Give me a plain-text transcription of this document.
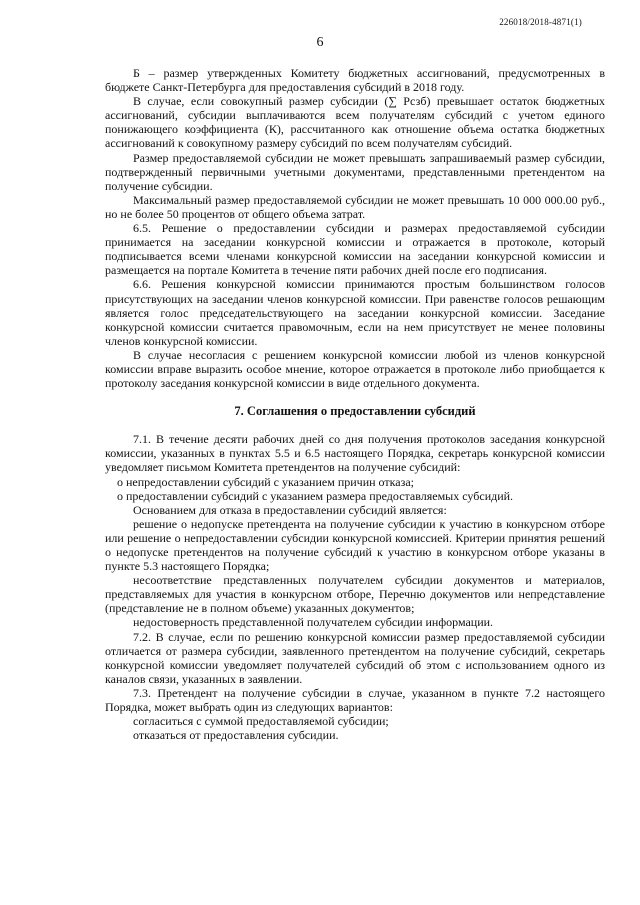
226018/2018-4871(1)
6

Б – размер утвержденных Комитету бюджетных ассигнований, предусмотренных в бюджете Санкт-Петербурга для предоставления субсидий в 2018 году.

В случае, если совокупный размер субсидии (∑ Pсзб) превышает остаток бюджетных ассигнований, субсидии выплачиваются всем получателям субсидий с учетом единого понижающего коэффициента (К), рассчитанного как отношение объема остатка бюджетных ассигнований к совокупному размеру субсидий по всем получателям субсидий.

Размер предоставляемой субсидии не может превышать запрашиваемый размер субсидии, подтвержденный первичными учетными документами, представленными претендентом на получение субсидии.

Максимальный размер предоставляемой субсидии не может превышать 10 000 000.00 руб., но не более 50 процентов от общего объема затрат.

6.5. Решение о предоставлении субсидии и размерах предоставляемой субсидии принимается на заседании конкурсной комиссии и отражается в протоколе, который подписывается всеми членами конкурсной комиссии на заседании конкурсной комиссии и размещается на портале Комитета в течение пяти рабочих дней после его подписания.

6.6. Решения конкурсной комиссии принимаются простым большинством голосов присутствующих на заседании членов конкурсной комиссии. При равенстве голосов решающим является голос председательствующего на заседании конкурсной комиссии. Заседание конкурсной комиссии считается правомочным, если на нем присутствует не менее половины членов конкурсной комиссии.

В случае несогласия с решением конкурсной комиссии любой из членов конкурсной комиссии вправе выразить особое мнение, которое отражается в протоколе либо приобщается к протоколу заседания конкурсной комиссии в виде отдельного документа.

7. Соглашения о предоставлении субсидий

7.1. В течение десяти рабочих дней со дня получения протоколов заседания конкурсной комиссии, указанных в пунктах 5.5 и 6.5 настоящего Порядка, секретарь конкурсной комиссии уведомляет письмом Комитета претендентов на получение субсидий:

о непредоставлении субсидий с указанием причин отказа;

о предоставлении субсидий с указанием размера предоставляемых субсидий.

Основанием для отказа в предоставлении субсидий является:

решение о недопуске претендента на получение субсидии к участию в конкурсном отборе или решение о непредоставлении субсидии конкурсной комиссией. Критерии принятия решений о недопуске претендентов на получение субсидий к участию в конкурсном отборе указаны в пункте 5.3 настоящего Порядка;

несоответствие представленных получателем субсидии документов и материалов, представляемых для участия в конкурсном отборе, Перечню документов или непредставление (представление не в полном объеме) указанных документов;

недостоверность представленной получателем субсидии информации.

7.2. В случае, если по решению конкурсной комиссии размер предоставляемой субсидии отличается от размера субсидии, заявленного претендентом на получение субсидий, секретарь конкурсной комиссии уведомляет получателей субсидий об этом с использованием одного из каналов связи, указанных в заявлении.

7.3. Претендент на получение субсидии в случае, указанном в пункте 7.2 настоящего Порядка, может выбрать один из следующих вариантов:

согласиться с суммой предоставляемой субсидии;

отказаться от предоставления субсидии.
